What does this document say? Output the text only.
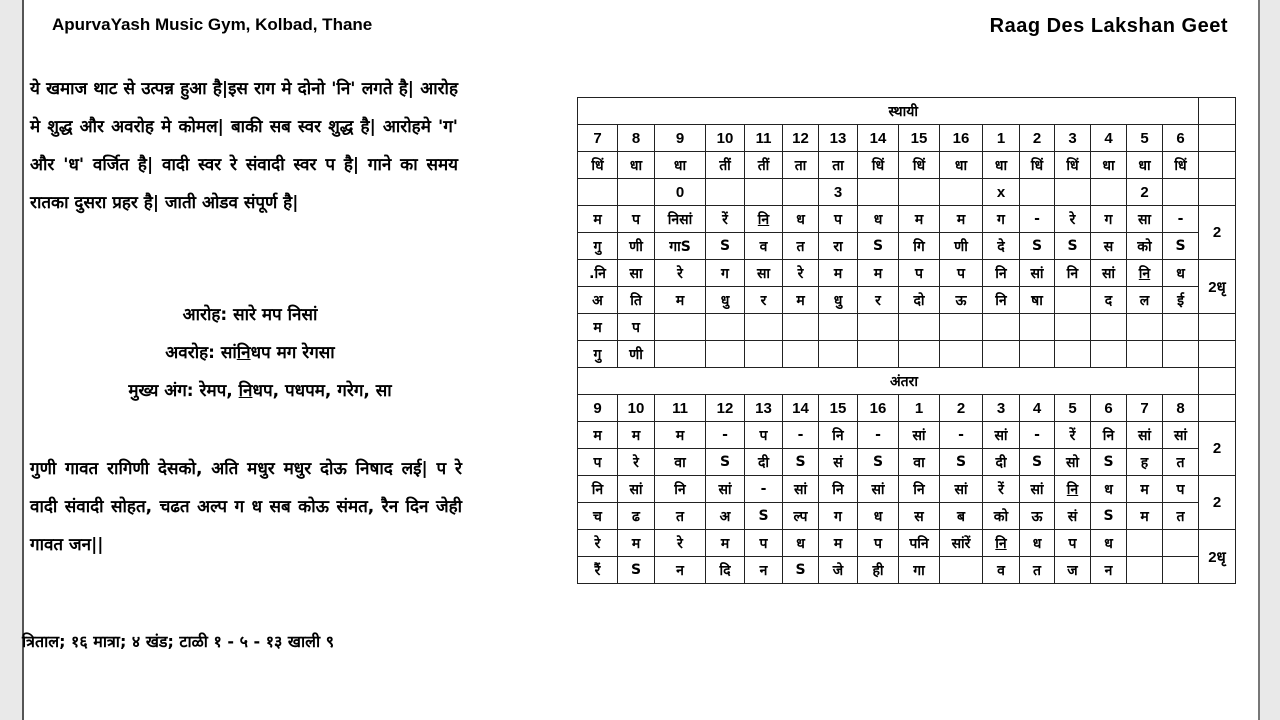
ApurvaYash Music Gym, Kolbad, Thane	Raag Des Lakshan Geet
ये खमाज थाट से उत्पन्न हुआ है|इस राग मे दोनो 'नि' लगते है| आरोह मे शुद्ध और अवरोह मे कोमल| बाकी सब स्वर शुद्ध है| आरोहमे 'ग' और 'ध' वर्जित है| वादी स्वर रे संवादी स्वर प है| गाने का समय रातका दुसरा प्रहर है| जाती ओडव संपूर्ण है|
आरोह: सारे मप निसां
अवरोह: सांनिधप मग रेगसा
मुख्य अंग: रेमप, निधप, पधपम, गरेग, सा
गुणी गावत रागिणी देसको, अति मधुर मधुर दोऊ निषाद लई| प रे वादी संवादी सोहत, चढत अल्प ग ध सब कोऊ संमत, रैन दिन जेही गावत जन||
त्रिताल; १६ मात्रा; ४ खंड; टाळी १ - ५ - १३ खाली ९
स्थायी																
7	8	9	10	11	12	13	14	15	16	1	2	3	4	5	6	
धिं	धा	धा	तीं	तीं	ता	ता	धिं	धिं	धा	धा	धिं	धिं	धा	धा	धिं	
		0				3				x				2		
म	प	निसां	रें	नि	ध	प	ध	म	म	ग	-	रे	ग	सा	-	2
गु	णी	गाS	S	व	त	रा	S	गि	णी	दे	S	S	स	को	S	
.नि	सा	रे	ग	सा	रे	म	म	प	प	नि	सां	नि	सां	नि	ध	2धृ
अ	ति	म	धु	र	म	धु	र	दो	ऊ	नि	षा		द	ल	ई	
म	प															
गु	णी															
अंतरा																
9	10	11	12	13	14	15	16	1	2	3	4	5	6	7	8	
म	म	म	-	प	-	नि	-	सां	-	सां	-	रें	नि	सां	सां	2
प	रे	वा	S	दी	S	सं	S	वा	S	दी	S	सो	S	ह	त	
नि	सां	नि	सां	-	सां	नि	सां	नि	सां	रें	सां	नि	ध	म	प	2
च	ढ	त	अ	S	ल्प	ग	ध	स	ब	को	ऊ	सं	S	म	त	
रे	म	रे	म	प	ध	म	प	पनि	सांरें	नि	ध	प	ध			2धृ
रैं	S	न	दि	न	S	जे	ही	गा		व	त	ज	न			
